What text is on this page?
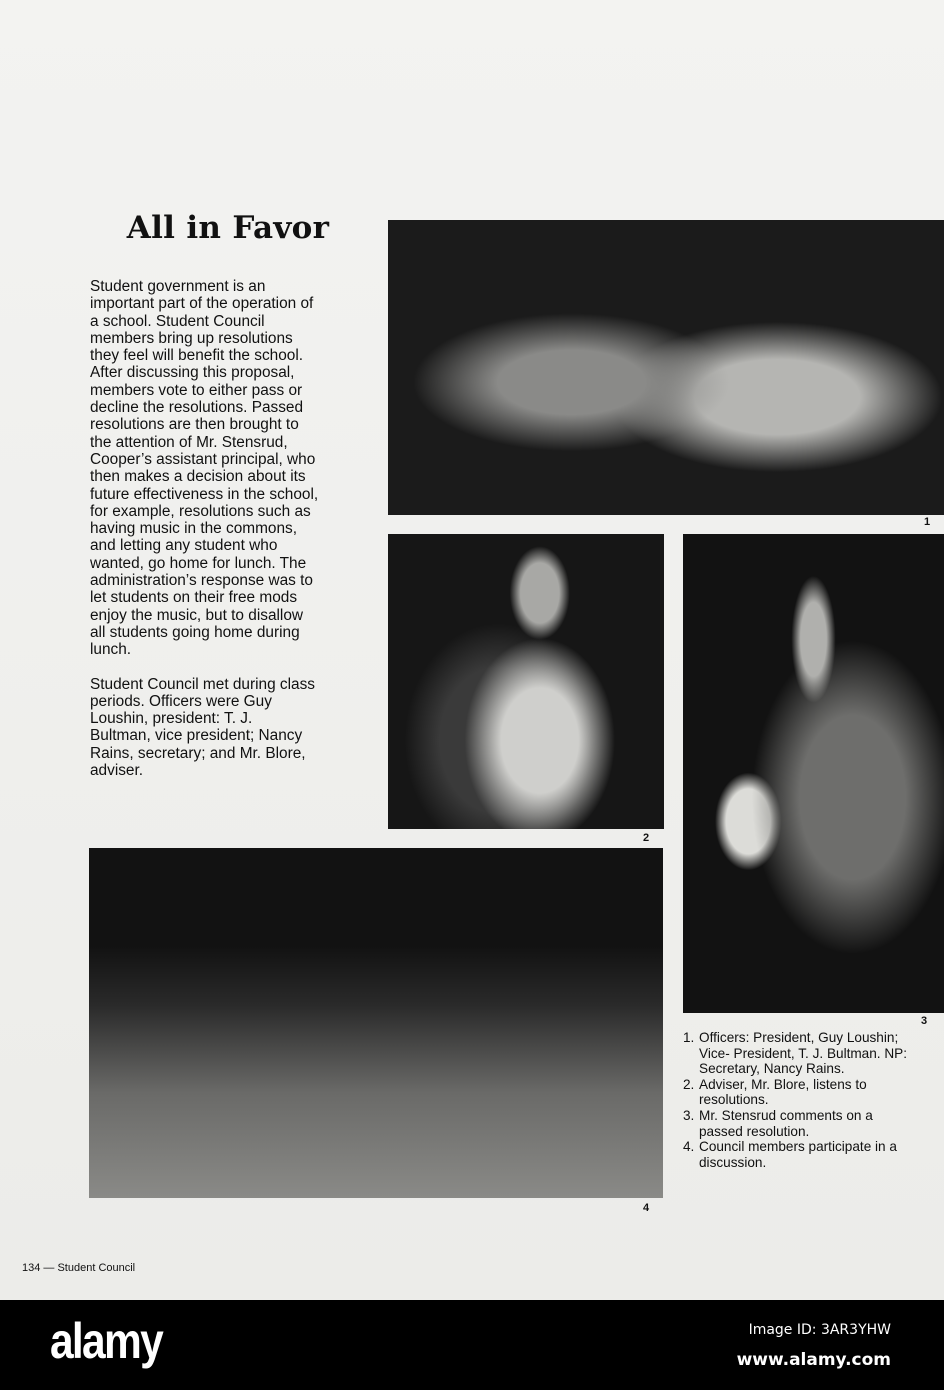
All in Favor
Student government is an
important part of the operation of
a school. Student Council
members bring up resolutions
they feel will benefit the school.
After discussing this proposal,
members vote to either pass or
decline the resolutions. Passed
resolutions are then brought to
the attention of Mr. Stensrud,
Cooper’s assistant principal, who
then makes a decision about its
future effectiveness in the school,
for example, resolutions such as
having music in the commons,
and letting any student who
wanted, go home for lunch. The
administration’s response was to
let students on their free mods
enjoy the music, but to disallow
all students going home during
lunch.
Student Council met during class
periods. Officers were Guy
Loushin, president: T. J.
Bultman, vice president; Nancy
Rains, secretary; and Mr. Blore,
adviser.
1
2
3
4
1. Officers: President, Guy Loushin;
Vice- President, T. J. Bultman. NP:
Secretary, Nancy Rains.
2. Adviser, Mr. Blore, listens to
resolutions.
3. Mr. Stensrud comments on a
passed resolution.
4. Council members participate in a
discussion.
134 — Student Council
alamy	Image ID: 3AR3YHW
www.alamy.com
